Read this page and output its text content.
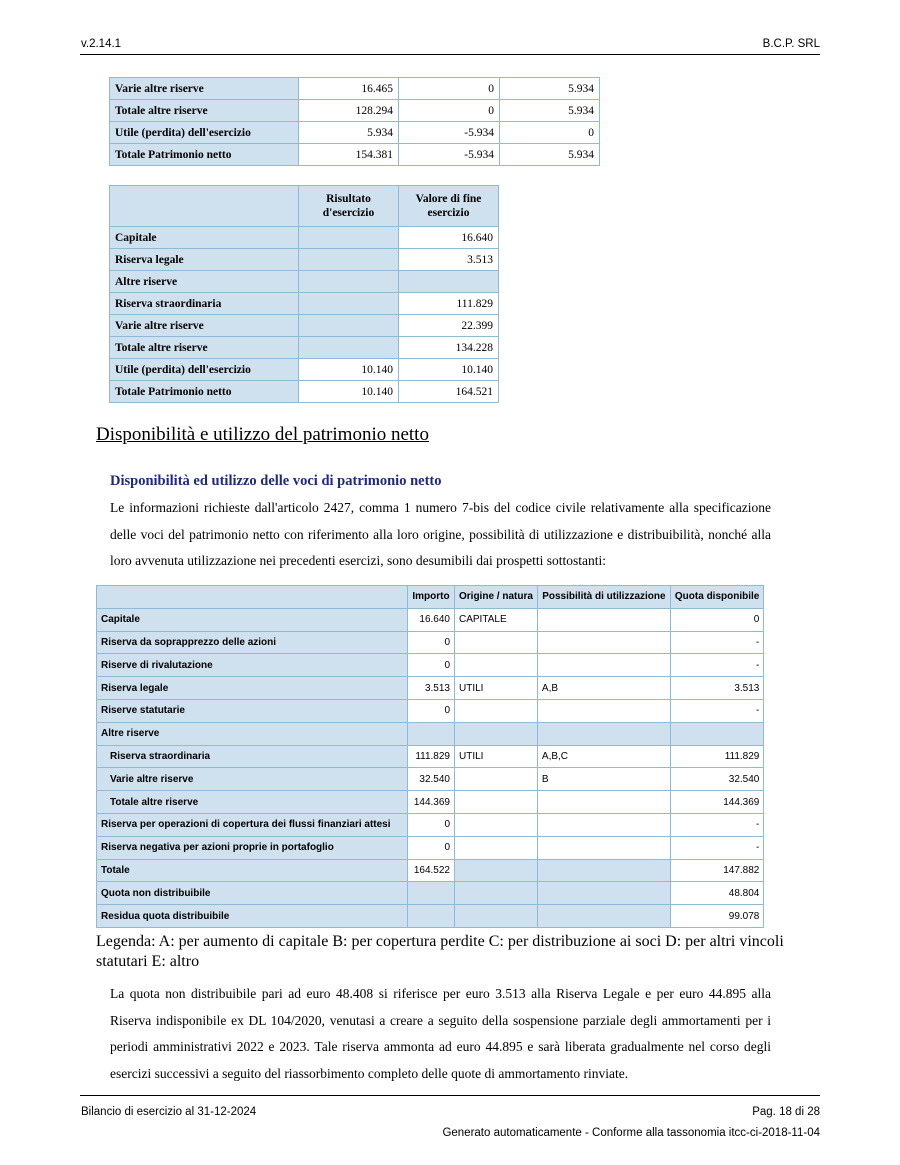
v.2.14.1	B.C.P. SRL
Varie altre riserve	16.465	0	5.934
Totale altre riserve	128.294	0	5.934
Utile (perdita) dell'esercizio	5.934	-5.934	0
Totale Patrimonio netto	154.381	-5.934	5.934
	Risultato d'esercizio	Valore di fine esercizio
Capitale		16.640
Riserva legale		3.513
Altre riserve		
Riserva straordinaria		111.829
Varie altre riserve		22.399
Totale altre riserve		134.228
Utile (perdita) dell'esercizio	10.140	10.140
Totale Patrimonio netto	10.140	164.521
Disponibilità e utilizzo del patrimonio netto
Disponibilità ed utilizzo delle voci di patrimonio netto
Le informazioni richieste dall'articolo 2427, comma 1 numero 7-bis del codice civile relativamente alla specificazione delle voci del patrimonio netto con riferimento alla loro origine, possibilità di utilizzazione e distribuibilità, nonché alla loro avvenuta utilizzazione nei precedenti esercizi, sono desumibili dai prospetti sottostanti:
	Importo	Origine / natura	Possibilità di utilizzazione	Quota disponibile
Capitale	16.640	CAPITALE		0
Riserva da soprapprezzo delle azioni	0			-
Riserve di rivalutazione	0			-
Riserva legale	3.513	UTILI	A,B	3.513
Riserve statutarie	0			-
Altre riserve				
Riserva straordinaria	111.829	UTILI	A,B,C	111.829
Varie altre riserve	32.540		B	32.540
Totale altre riserve	144.369			144.369
Riserva per operazioni di copertura dei flussi finanziari attesi	0			-
Riserva negativa per azioni proprie in portafoglio	0			-
Totale	164.522			147.882
Quota non distribuibile				48.804
Residua quota distribuibile				99.078
Legenda: A: per aumento di capitale B: per copertura perdite C: per distribuzione ai soci D: per altri vincoli statutari E: altro
La quota non distribuibile pari ad euro 48.408 si riferisce per euro 3.513 alla Riserva Legale e per euro 44.895 alla Riserva indisponibile ex DL 104/2020, venutasi a creare a seguito della sospensione parziale degli ammortamenti per i periodi amministrativi 2022 e 2023. Tale riserva ammonta ad euro 44.895 e sarà liberata gradualmente nel corso degli esercizi successivi a seguito del riassorbimento completo delle quote di ammortamento rinviate.
Bilancio di esercizio al 31-12-2024	Pag. 18 di 28
Generato automaticamente - Conforme alla tassonomia itcc-ci-2018-11-04
